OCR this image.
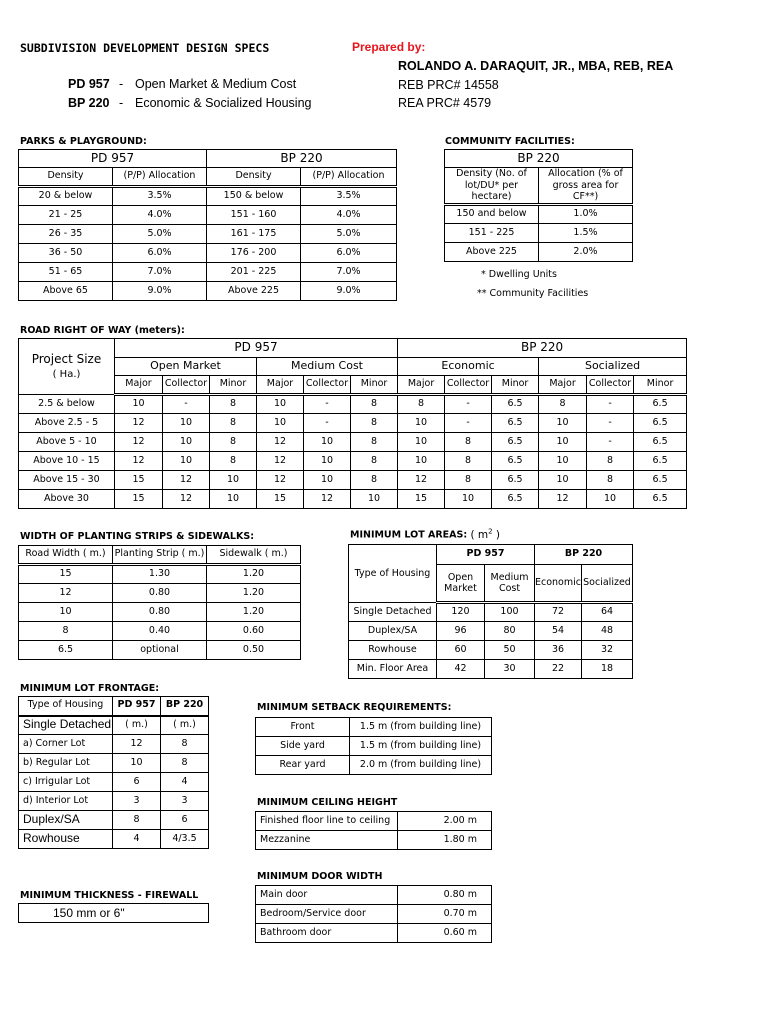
SUBDIVISION DEVELOPMENT DESIGN SPECS	Prepared by:
ROLANDO A. DARAQUIT, JR., MBA, REB, REA
REB PRC# 14558
REA PRC# 4579
PD 957 - Open Market & Medium Cost
BP 220 - Economic & Socialized Housing
PARKS & PLAYGROUND:
PD 957		BP 220	
Density	(P/P) Allocation	Density	(P/P) Allocation
20 & below	3.5%	150 & below	3.5%
21 - 25	4.0%	151 - 160	4.0%
26 - 35	5.0%	161 - 175	5.0%
36 - 50	6.0%	176 - 200	6.0%
51 - 65	7.0%	201 - 225	7.0%
Above 65	9.0%	Above 225	9.0%
COMMUNITY FACILITIES:
BP 220	
Density (No. of lot/DU* per hectare)	Allocation (% of gross area for CF**)
150 and below	1.0%
151 - 225	1.5%
Above 225	2.0%
* Dwelling Units
** Community Facilities
ROAD RIGHT OF WAY (meters):
Project Size
( Ha.)	PD 957						BP 220					
	Open Market			Medium Cost			Economic			Socialized		
	Major	Collector	Minor	Major	Collector	Minor	Major	Collector	Minor	Major	Collector	Minor
2.5 & below	10	-	8	10	-	8	8	-	6.5	8	-	6.5
Above 2.5 - 5	12	10	8	10	-	8	10	-	6.5	10	-	6.5
Above 5 - 10	12	10	8	12	10	8	10	8	6.5	10	-	6.5
Above 10 - 15	12	10	8	12	10	8	10	8	6.5	10	8	6.5
Above 15 - 30	15	12	10	12	10	8	12	8	6.5	10	8	6.5
Above 30	15	12	10	15	12	10	15	10	6.5	12	10	6.5
WIDTH OF PLANTING STRIPS & SIDEWALKS:
Road Width ( m.)	Planting Strip ( m.)	Sidewalk ( m.)
15	1.30	1.20
12	0.80	1.20
10	0.80	1.20
8	0.40	0.60
6.5	optional	0.50
MINIMUM LOT AREAS: ( $m^2$ )
Type of Housing	PD 957		BP 220	
	Open Market	Medium Cost	Economic	Socialized
Single Detached	120	100	72	64
Duplex/SA	96	80	54	48
Rowhouse	60	50	36	32
Min. Floor Area	42	30	22	18
MINIMUM LOT FRONTAGE:
Type of Housing	PD 957	BP 220
Single Detached	( m.)	( m.)
a) Corner Lot	12	8
b) Regular Lot	10	8
c) Irrigular Lot	6	4
d) Interior Lot	3	3
Duplex/SA	8	6
Rowhouse	4	4/3.5
MINIMUM SETBACK REQUIREMENTS:
Front	1.5 m (from building line)
Side yard	1.5 m (from building line)
Rear yard	2.0 m (from building line)
MINIMUM CEILING HEIGHT
Finished floor line to ceiling	2.00 m
Mezzanine	1.80 m
MINIMUM THICKNESS - FIREWALL
150 mm or 6"
MINIMUM DOOR WIDTH
Main door	0.80 m
Bedroom/Service door	0.70 m
Bathroom door	0.60 m
